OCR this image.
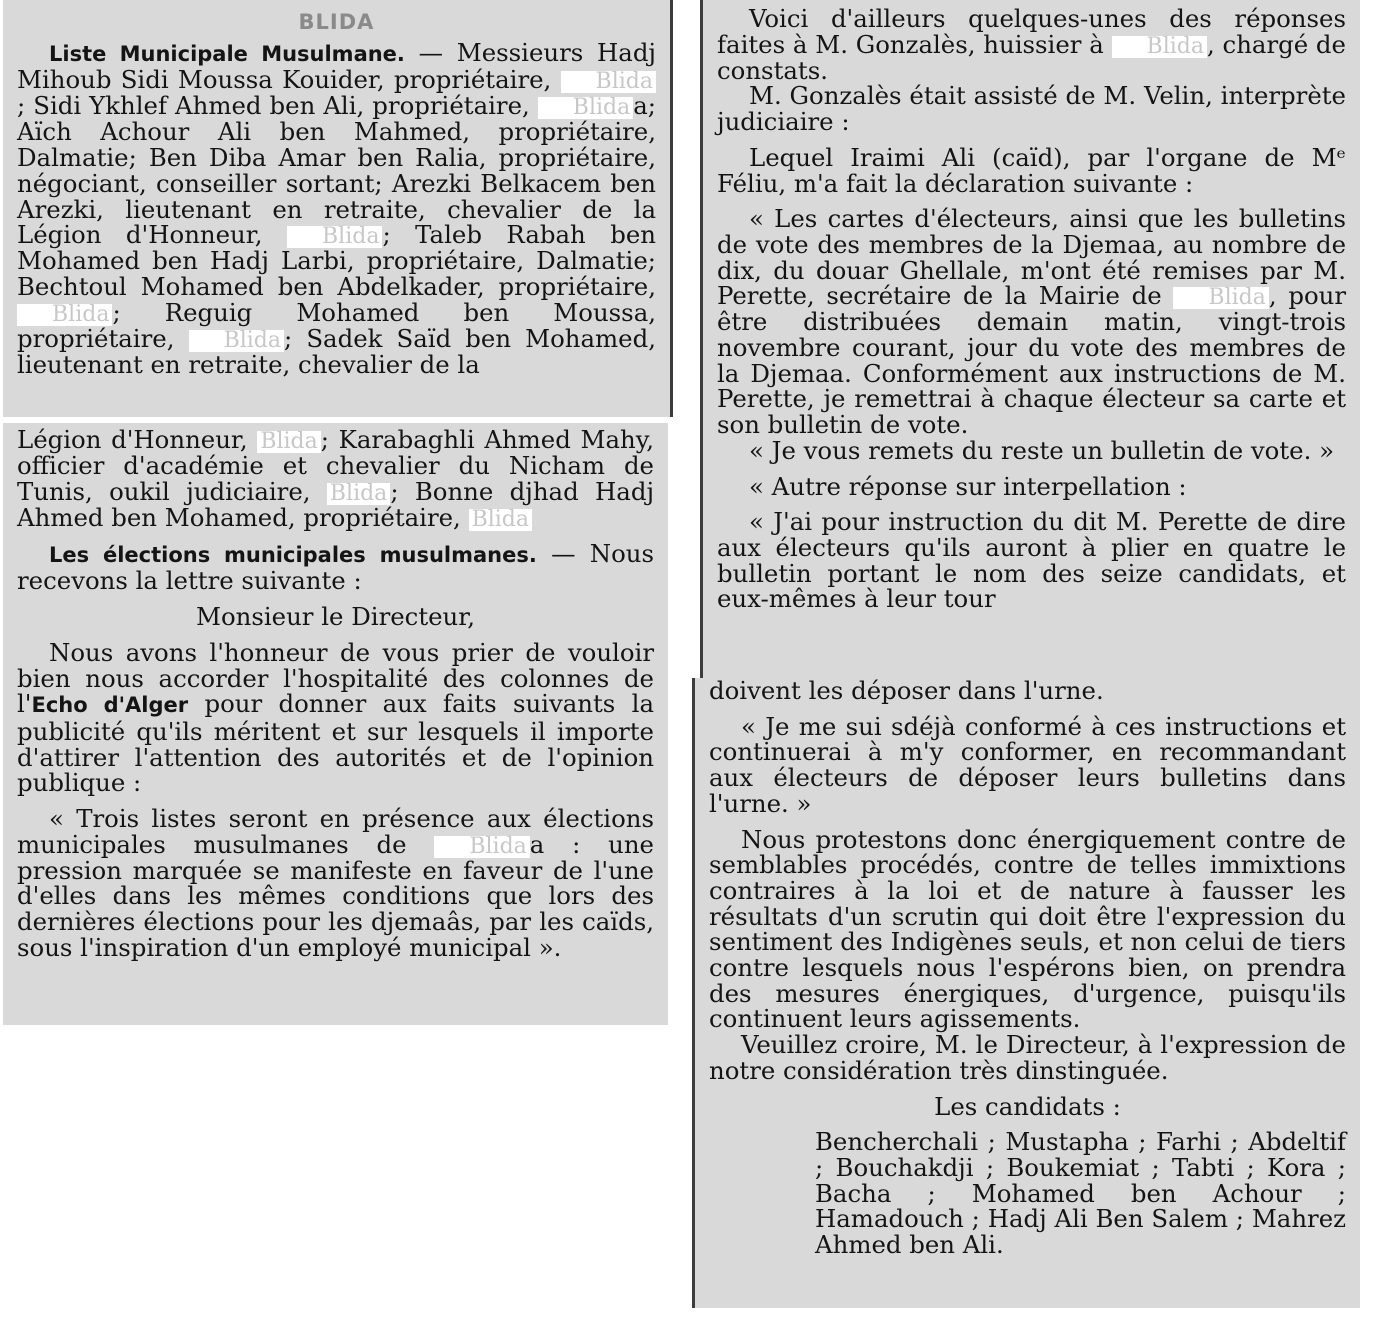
BLIDA

Liste Municipale Musulmane. — Messieurs Hadj Mihoub Sidi Moussa Kouider, propriétaire, Blida; Sidi Ykhlef Ahmed ben Ali, propriétaire, Blida a; Aïch Achour Ali ben Mahmed, propriétaire, Dalmatie; Ben Diba Amar ben Ralia, propriétaire, négociant, conseiller sortant; Arezki Belkacem ben Arezki, lieutenant en retraite, chevalier de la Légion d'Honneur, Blida ; Taleb Rabah ben Mohamed ben Hadj Larbi, propriétaire, Dalmatie; Bechtoul Mohamed ben Abdelkader, propriétaire, Blida ; Reguig Mohamed ben Moussa, propriétaire, Blida ; Sadek Saïd ben Mohamed, lieutenant en retraite, chevalier de la

Légion d'Honneur, Blida ; Karabaghli Ahmed Mahy, officier d'académie et chevalier du Nicham de Tunis, oukil judiciaire, Blida ; Bonne djhad Hadj Ahmed ben Mohamed, propriétaire, Blida

Les élections municipales musulmanes. — Nous recevons la lettre suivante :

Monsieur le Directeur,

Nous avons l'honneur de vous prier de vouloir bien nous accorder l'hospitalité des colonnes de l'Echo d'Alger pour donner aux faits suivants la publicité qu'ils méritent et sur lesquels il importe d'attirer l'attention des autorités et de l'opinion publique :

« Trois listes seront en présence aux élections municipales musulmanes de Blida a : une pression marquée se manifeste en faveur de l'une d'elles dans les mêmes conditions que lors des dernières élections pour les djemaâs, par les caïds, sous l'inspiration d'un employé municipal ».

Voici d'ailleurs quelques-unes des réponses faites à M. Gonzalès, huissier à Blida , chargé de constats.

M. Gonzalès était assisté de M. Velin, interprète judiciaire :

Lequel Iraimi Ali (caïd), par l'organe de Mᵉ Féliu, m'a fait la déclaration suivante :

« Les cartes d'électeurs, ainsi que les bulletins de vote des membres de la Djemaa, au nombre de dix, du douar Ghellale, m'ont été remises par M. Perette, secrétaire de la Mairie de Blida , pour être distribuées demain matin, vingt-trois novembre courant, jour du vote des membres de la Djemaa. Conformément aux instructions de M. Perette, je remettrai à chaque électeur sa carte et son bulletin de vote.

« Je vous remets du reste un bulletin de vote. »

« Autre réponse sur interpellation :

« J'ai pour instruction du dit M. Perette de dire aux électeurs qu'ils auront à plier en quatre le bulletin portant le nom des seize candidats, et eux-mêmes à leur tour

doivent les déposer dans l'urne.

« Je me sui sdéjà conformé à ces instructions et continuerai à m'y conformer, en recommandant aux électeurs de déposer leurs bulletins dans l'urne. »

Nous protestons donc énergiquement contre de semblables procédés, contre de telles immixtions contraires à la loi et de nature à fausser les résultats d'un scrutin qui doit être l'expression du sentiment des Indigènes seuls, et non celui de tiers contre lesquels nous l'espérons bien, on prendra des mesures énergiques, d'urgence, puisqu'ils continuent leurs agissements.

Veuillez croire, M. le Directeur, à l'expression de notre considération très dinstinguée.

Les candidats :

Bencherchali ; Mustapha ; Farhi ; Abdeltif ; Bouchakdji ; Boukemiat ; Tabti ; Kora ; Bacha ; Mohamed ben Achour ; Hamadouch ; Hadj Ali Ben Salem ; Mahrez Ahmed ben Ali.
